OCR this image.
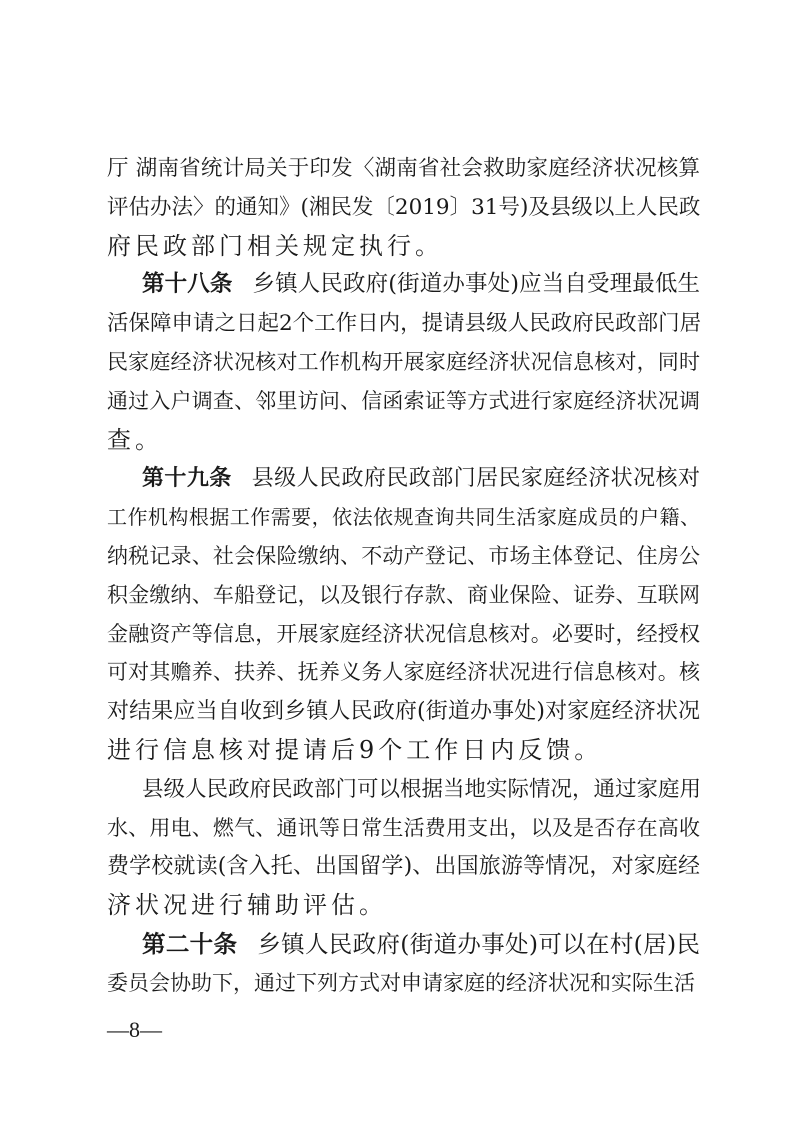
—8—
厅 湖南省统计局关于印发〈湖南省社会救助家庭经济状况核算
评估办法〉的通知》(湘民发〔2019〕31号)及县级以上人民政
府民政部门相关规定执行。
第十八条 乡镇人民政府(街道办事处)应当自受理最低生
活保障申请之日起2个工作日内，提请县级人民政府民政部门居
民家庭经济状况核对工作机构开展家庭经济状况信息核对，同时
通过入户调查、邻里访问、信函索证等方式进行家庭经济状况调
查。
第十九条 县级人民政府民政部门居民家庭经济状况核对
工作机构根据工作需要，依法依规查询共同生活家庭成员的户籍、
纳税记录、社会保险缴纳、不动产登记、市场主体登记、住房公
积金缴纳、车船登记，以及银行存款、商业保险、证券、互联网
金融资产等信息，开展家庭经济状况信息核对。必要时，经授权
可对其赡养、扶养、抚养义务人家庭经济状况进行信息核对。核
对结果应当自收到乡镇人民政府(街道办事处)对家庭经济状况
进行信息核对提请后9个工作日内反馈。
县级人民政府民政部门可以根据当地实际情况，通过家庭用
水、用电、燃气、通讯等日常生活费用支出，以及是否存在高收
费学校就读(含入托、出国留学)、出国旅游等情况，对家庭经
济状况进行辅助评估。
第二十条 乡镇人民政府(街道办事处)可以在村(居)民
委员会协助下，通过下列方式对申请家庭的经济状况和实际生活
